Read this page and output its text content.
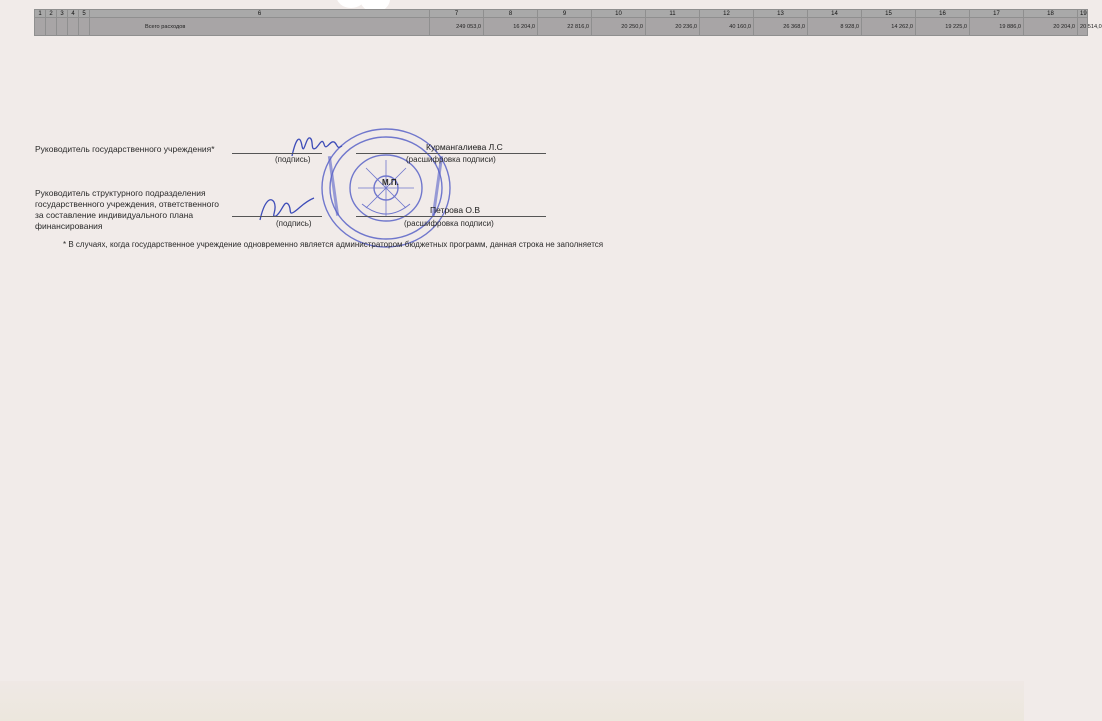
1	2	3	4	5	6	7	8	9	10	11	12	13	14	15	16	17	18	19
					Всего расходов	249 053,0	16 204,0	22 816,0	20 250,0	20 236,0	40 160,0	26 368,0	8 928,0	14 262,0	19 225,0	19 886,0	20 204,0	20 514,0
Руководитель государственного учреждения*	Курмангалиева Л.С
(подпись)	(расшифровка подписи)
М.П.
Руководитель структурного подразделения
государственного учреждения, ответственного
за составление индивидуального плана
финансирования
Петрова О.В
(подпись)	(расшифровка подписи)
* В случаях, когда государственное учреждение одновременно является администратором бюджетных программ, данная строка не заполняется
